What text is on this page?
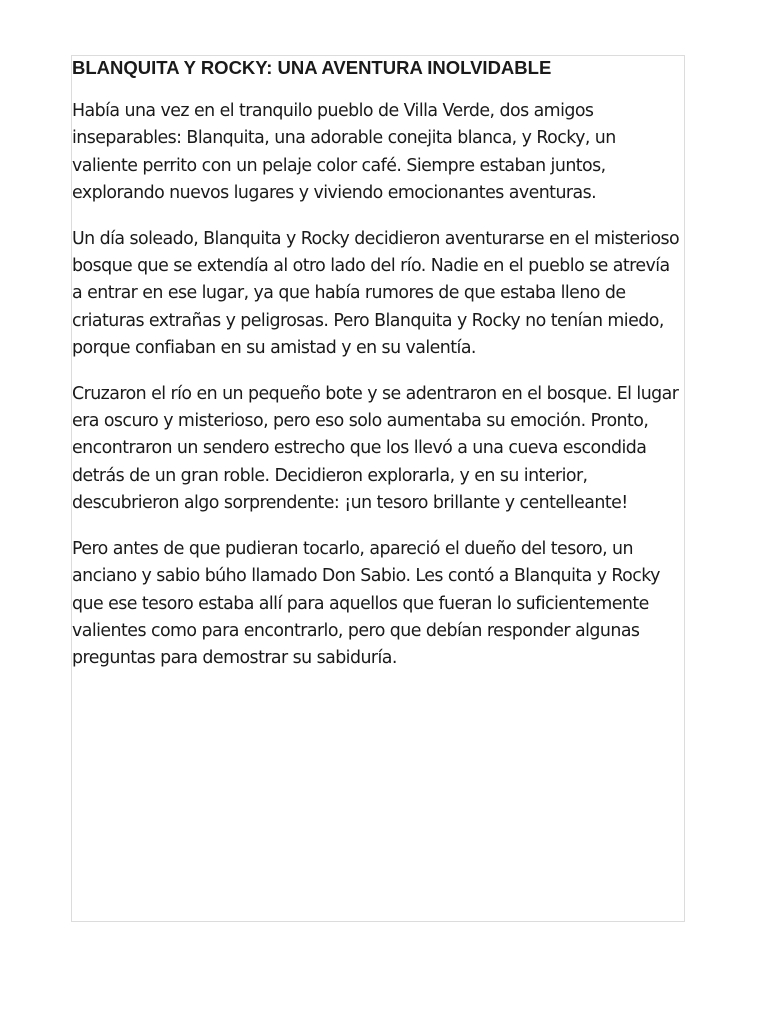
BLANQUITA Y ROCKY: UNA AVENTURA INOLVIDABLE

Había una vez en el tranquilo pueblo de Villa Verde, dos amigos inseparables: Blanquita, una adorable conejita blanca, y Rocky, un valiente perrito con un pelaje color café. Siempre estaban juntos, explorando nuevos lugares y viviendo emocionantes aventuras.

Un día soleado, Blanquita y Rocky decidieron aventurarse en el misterioso bosque que se extendía al otro lado del río. Nadie en el pueblo se atrevía a entrar en ese lugar, ya que había rumores de que estaba lleno de criaturas extrañas y peligrosas. Pero Blanquita y Rocky no tenían miedo, porque confiaban en su amistad y en su valentía.

Cruzaron el río en un pequeño bote y se adentraron en el bosque. El lugar era oscuro y misterioso, pero eso solo aumentaba su emoción. Pronto, encontraron un sendero estrecho que los llevó a una cueva escondida detrás de un gran roble. Decidieron explorarla, y en su interior, descubrieron algo sorprendente: ¡un tesoro brillante y centelleante!

Pero antes de que pudieran tocarlo, apareció el dueño del tesoro, un anciano y sabio búho llamado Don Sabio. Les contó a Blanquita y Rocky que ese tesoro estaba allí para aquellos que fueran lo suficientemente valientes como para encontrarlo, pero que debían responder algunas preguntas para demostrar su sabiduría.
